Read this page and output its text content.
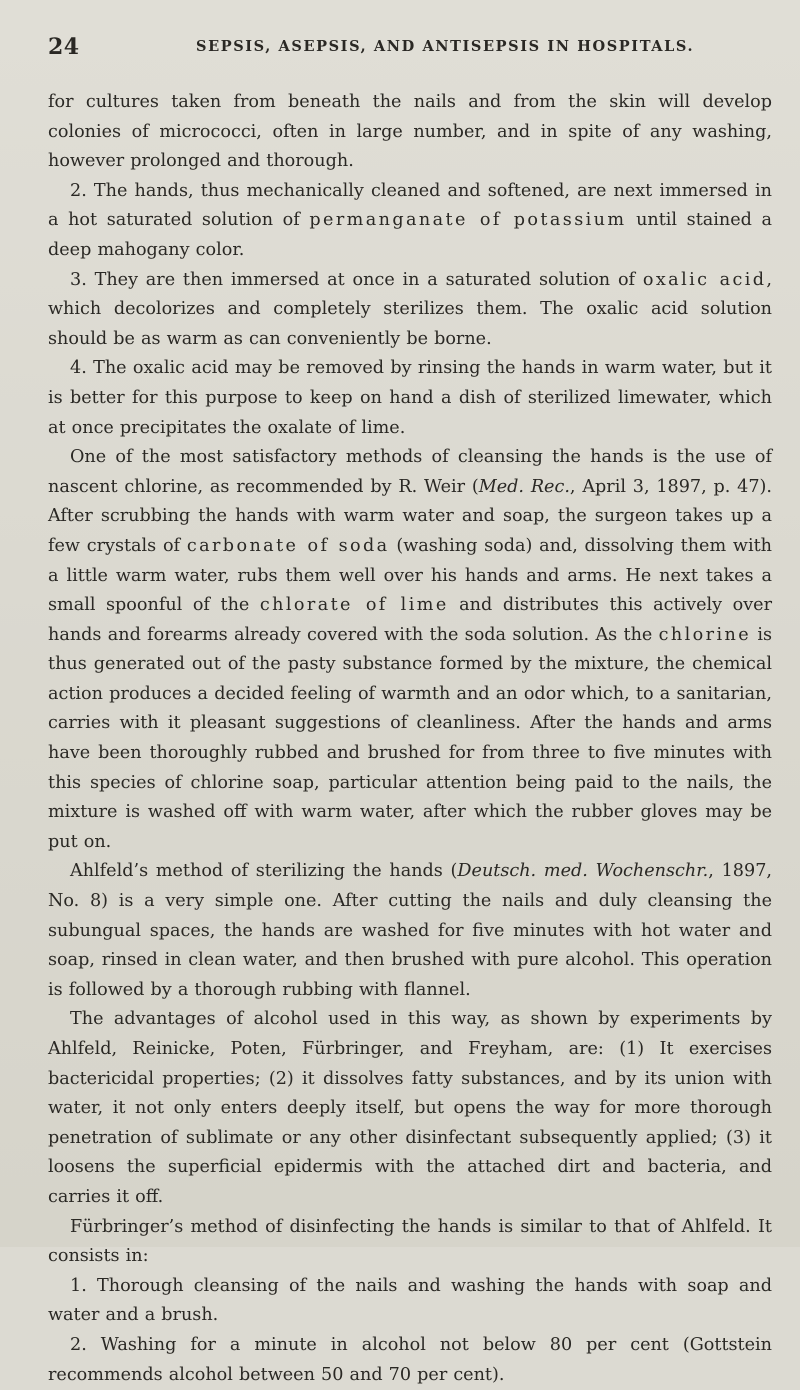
24	SEPSIS, ASEPSIS, AND ANTISEPSIS IN HOSPITALS.

for cultures taken from beneath the nails and from the skin will develop colonies of micrococci, often in large number, and in spite of any washing, however prolonged and thorough.

2. The hands, thus mechanically cleaned and softened, are next immersed in a hot saturated solution of permanganate of potassium until stained a deep mahogany color.

3. They are then immersed at once in a saturated solution of oxalic acid, which decolorizes and completely sterilizes them. The oxalic acid solution should be as warm as can conveniently be borne.

4. The oxalic acid may be removed by rinsing the hands in warm water, but it is better for this purpose to keep on hand a dish of sterilized limewater, which at once precipitates the oxalate of lime.

One of the most satisfactory methods of cleansing the hands is the use of nascent chlorine, as recommended by R. Weir (Med. Rec., April 3, 1897, p. 47). After scrubbing the hands with warm water and soap, the surgeon takes up a few crystals of carbonate of soda (washing soda) and, dissolving them with a little warm water, rubs them well over his hands and arms. He next takes a small spoonful of the chlorate of lime and distributes this actively over hands and forearms already covered with the soda solution. As the chlorine is thus generated out of the pasty substance formed by the mixture, the chemical action produces a decided feeling of warmth and an odor which, to a sanitarian, carries with it pleasant suggestions of cleanliness. After the hands and arms have been thoroughly rubbed and brushed for from three to five minutes with this species of chlorine soap, particular attention being paid to the nails, the mixture is washed off with warm water, after which the rubber gloves may be put on.

Ahlfeld’s method of sterilizing the hands (Deutsch. med. Wochenschr., 1897, No. 8) is a very simple one. After cutting the nails and duly cleansing the subungual spaces, the hands are washed for five minutes with hot water and soap, rinsed in clean water, and then brushed with pure alcohol. This operation is followed by a thorough rubbing with flannel.

The advantages of alcohol used in this way, as shown by experiments by Ahlfeld, Reinicke, Poten, Fürbringer, and Freyham, are: (1) It exercises bactericidal properties; (2) it dissolves fatty substances, and by its union with water, it not only enters deeply itself, but opens the way for more thorough penetration of sublimate or any other disinfectant subsequently applied; (3) it loosens the superficial epidermis with the attached dirt and bacteria, and carries it off.

Fürbringer’s method of disinfecting the hands is similar to that of Ahlfeld. It consists in:

1. Thorough cleansing of the nails and washing the hands with soap and water and a brush.

2. Washing for a minute in alcohol not below 80 per cent (Gottstein recommends alcohol between 50 and 70 per cent).
